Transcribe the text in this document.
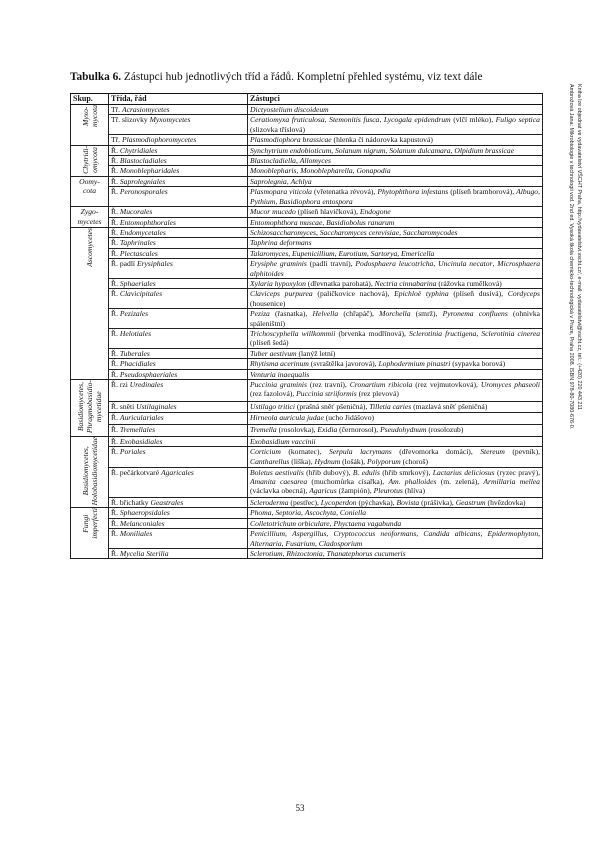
Tabulka 6. Zástupci hub jednotlivých tříd a řádů. Kompletní přehled systému, viz text dále
Skup.	Třída, řád	Zástupci
Myxo-
mycota	Tř. Acrasiomycetes	Dictyostelium discoideum
	Tř. slizovky Myxomycetes	Ceratiomyxa fruticulosa, Stemonitis fusca, Lycogala epidendrum (vlčí mléko), Fuligo septica (slizovka tříslová)
	Tř. Plasmodiophoromycetes	Plasmodiophora brassicae (hlenka či nádorovka kapustová)
Chytridi-
omycota	Ř. Chytridiales	Synchytrium endobioticum, Solanum nigrum, Solanum dulcamara, Olpidium brassicae
	Ř. Blastocladiales	Blastocladiella, Allomyces
	Ř. Monoblepharidales	Monoblepharis, Monoblepharella, Gonapodia
Oomy-
cota	Ř. Saprolegniales	Saprolegnia, Achlya
	Ř. Peronosporales	Plasmopara viticola (vřetenatka révová), Phytophthora infestans (plíseň bramborová), Albugo, Pythium, Basidiophora entospora
Zygo-
mycetes	Ř. Mucorales	Mucor mucedo (plíseň hlavičková), Endogone
	Ř. Entomophthorales	Entomophthora muscae, Basidiobolus ranarum
Ascomycetes	Ř. Endomycetales	Schizosaccharomyces, Saccharomyces cerevisiae, Saccharomycodes
	Ř. Taphrinales	Taphrina deformans
	Ř. Plectascales	Talaromyces, Eupenicillium, Eurotium, Sartorya, Emericella
	Ř. padlí Erysiphales	Erysiphe graminis (padlí travní), Podosphaera leucotricha, Uncinula necator, Microsphaera alphitoides
	Ř. Sphaeriales	Xylaria hypoxylon (dřevnatka parohatá), Nectria cinnabarina (rážovka rumělková)
	Ř. Clavicipitales	Claviceps purpurea (paličkovice nachová), Epichloë typhina (plíseň dusivá), Cordyceps (housenice)
	Ř. Pezizales	Peziza (řasnatka), Helvella (chřapáč), Morchella (smrž), Pyronema confluens (ohnivka spáleništní)
	Ř. Helotiales	Trichoscyphella willkommii (brvenka modřínová), Sclerotinia fructigena, Sclerotinia cinerea (plíseň šedá)
	Ř. Tuberales	Tuber aestivum (lanýž letní)
	Ř. Phacidiales	Rhytisma acerinum (svraštělka javorová), Lophodermium pinastri (sypavka borová)
	Ř. Pseudosphaeriales	Venturia inaequalis
Basidiomycetes,
Phragmobasidio-
mycetidae	Ř. rzi Uredinales	Puccinia graminis (rez travní), Cronartium ribicola (rez vejmutovková), Uromyces phaseoli (rez fazolová), Puccinia striiformis (rez plevová)
	Ř. sněti Ustilaginales	Ustilago tritici (prašná sněť pšeničná), Tilletia caries (mazlavá sněť pšeničná)
	Ř. Auriculariales	Hirneola auricula judae (ucho Jidášovo)
	Ř. Tremellales	Tremella (rosolovka), Exidia (černorosol), Pseudohydnum (rosolozub)
Basidiomycetes,
Holobasidiomycetidae	Ř. Exobasidiales	Exobasidium vaccinii
	Ř. Poriales	Corticium (kornatec), Serpula lacrymans (dřevomorka domácí), Stereum (pevník), Cantharellus (liška), Hydnum (lošák), Polyporum (choroš)
	Ř. pečárkotvaré Agaricales	Boletus aestivalis (hřib dubový), B. edulis (hřib smrkový), Lactarius deliciosus (ryzec pravý), Amanita caesarea (muchomůrka císařka), Am. phalloides (m. zelená), Armillaria mellea (václavka obecná), Agaricus (žampión), Pleurotus (hlíva)
	Ř. břichatky Geastrales	Scleroderma (pestřec), Lycoperdon (pýchavka), Bovista (prášivka), Geastrum (hvězdovka)
Fungi
imperfecti	Ř. Sphaeropsidales	Phoma, Septoria, Ascochyta, Coniella
	Ř. Melanconiales	Colletotrichum orbiculare, Phyctaena vagabunda
	Ř. Moniliales	Penicillium, Aspergillus, Cryptococcus neoformans, Candida albicans, Epidermophyton, Alternaria, Fusarium, Cladosporium
	Ř. Mycelia Sterilia	Sclerotium, Rhizoctonia, Thanatephorus cucumeris
Ambrožová Jana: Mikrobiologie v technologii vod. 2nd ed. Vysoká škola chemicko-technologická v Praze, Praha 2008. ISBN 978-80-7080-676-0. Kniha lze objednat ve vydavatelství VŠCHT Praha, http://vydavatelstvi.vscht.cz/, e-mail: vydavatelstvi@vscht.cz, tel.: (+420) 220 443 211
53
